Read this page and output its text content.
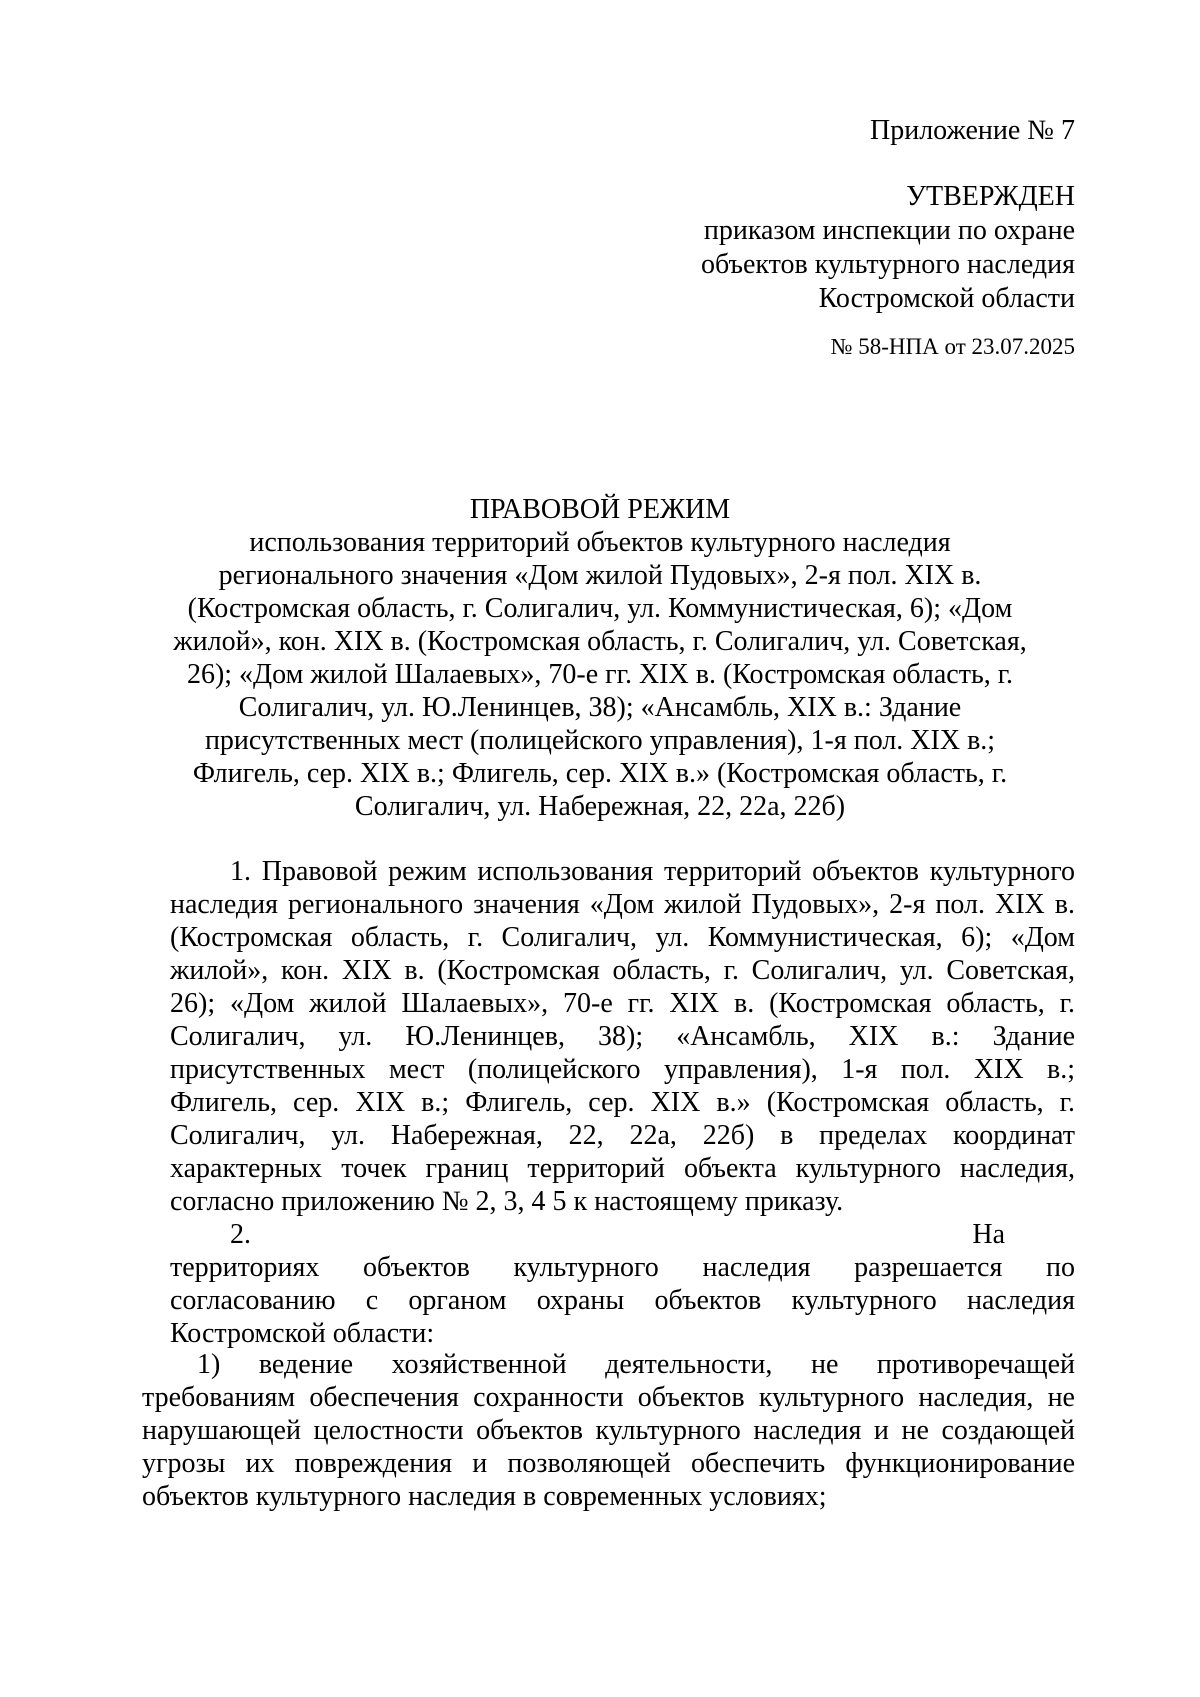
Приложение № 7
УТВЕРЖДЕН
приказом инспекции по охране
объектов культурного наследия
Костромской области
№ 58-НПА от 23.07.2025
ПРАВОВОЙ РЕЖИМ
использования территорий объектов культурного наследия
регионального значения «Дом жилой Пудовых», 2-я пол. XIX в.
(Костромская область, г. Солигалич, ул. Коммунистическая, 6); «Дом
жилой», кон. XIX в. (Костромская область, г. Солигалич, ул. Советская,
26); «Дом жилой Шалаевых», 70-е гг. XIX в. (Костромская область, г.
Солигалич, ул. Ю.Ленинцев, 38); «Ансамбль, XIX в.: Здание
присутственных мест (полицейского управления), 1-я пол. XIX в.;
Флигель, сер. XIX в.; Флигель, сер. XIX в.» (Костромская область, г.
Солигалич, ул. Набережная, 22, 22а, 22б)
1. Правовой режим использования территорий объектов культурного
наследия регионального значения «Дом жилой Пудовых», 2-я пол. XIX в.
(Костромская область, г. Солигалич, ул. Коммунистическая, 6); «Дом
жилой», кон. XIX в. (Костромская область, г. Солигалич, ул. Советская,
26); «Дом жилой Шалаевых», 70-е гг. XIX в. (Костромская область, г.
Солигалич, ул. Ю.Ленинцев, 38); «Ансамбль, XIX в.: Здание
присутственных мест (полицейского управления), 1-я пол. XIX в.;
Флигель, сер. XIX в.; Флигель, сер. XIX в.» (Костромская область, г.
Солигалич, ул. Набережная, 22, 22а, 22б) в пределах координат
характерных точек границ территорий объекта культурного наследия,
согласно приложению № 2, 3, 4 5 к настоящему приказу.
2.	На
территориях объектов культурного наследия разрешается по
согласованию с органом охраны объектов культурного наследия
Костромской области:
1) ведение хозяйственной деятельности, не противоречащей
требованиям обеспечения сохранности объектов культурного наследия, не
нарушающей целостности объектов культурного наследия и не создающей
угрозы их повреждения и позволяющей обеспечить функционирование
объектов культурного наследия в современных условиях;
